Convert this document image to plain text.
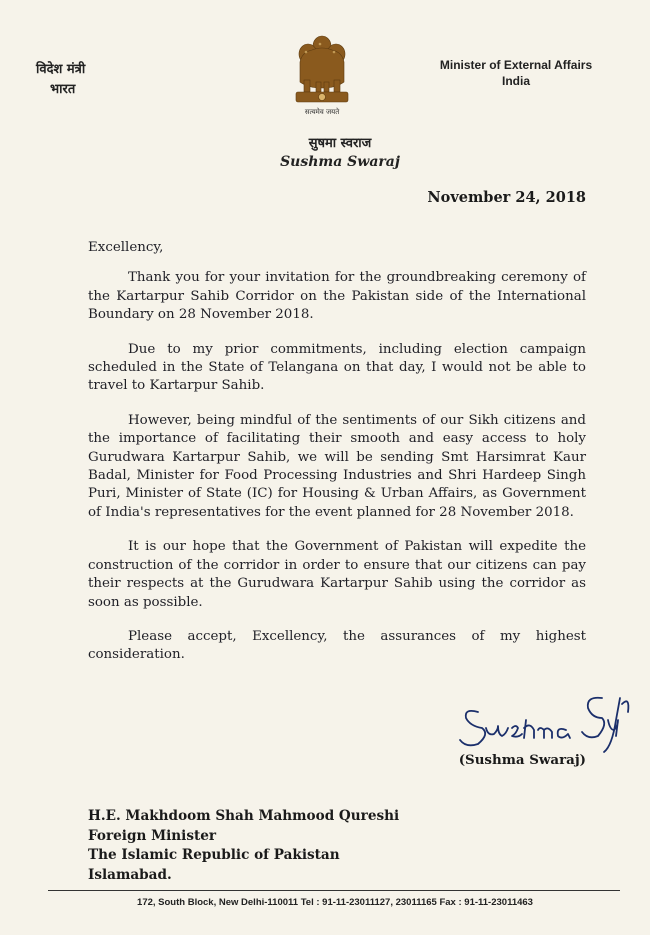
विदेश मंत्री
भारत
सत्यमेव जयते
Minister of External Affairs
India
सुषमा स्वराज
Sushma Swaraj
November 24, 2018

Excellency,

Thank you for your invitation for the groundbreaking ceremony of the Kartarpur Sahib Corridor on the Pakistan side of the International Boundary on 28 November 2018.

Due to my prior commitments, including election campaign scheduled in the State of Telangana on that day, I would not be able to travel to Kartarpur Sahib.

However, being mindful of the sentiments of our Sikh citizens and the importance of facilitating their smooth and easy access to holy Gurudwara Kartarpur Sahib, we will be sending Smt Harsimrat Kaur Badal, Minister for Food Processing Industries and Shri Hardeep Singh Puri, Minister of State (IC) for Housing & Urban Affairs, as Government of India's representatives for the event planned for 28 November 2018.

It is our hope that the Government of Pakistan will expedite the construction of the corridor in order to ensure that our citizens can pay their respects at the Gurudwara Kartarpur Sahib using the corridor as soon as possible.

Please accept, Excellency, the assurances of my highest consideration.

(Sushma Swaraj)
H.E. Makhdoom Shah Mahmood Qureshi
Foreign Minister
The Islamic Republic of Pakistan
Islamabad.
172, South Block, New Delhi-110011 Tel : 91-11-23011127, 23011165 Fax : 91-11-23011463
